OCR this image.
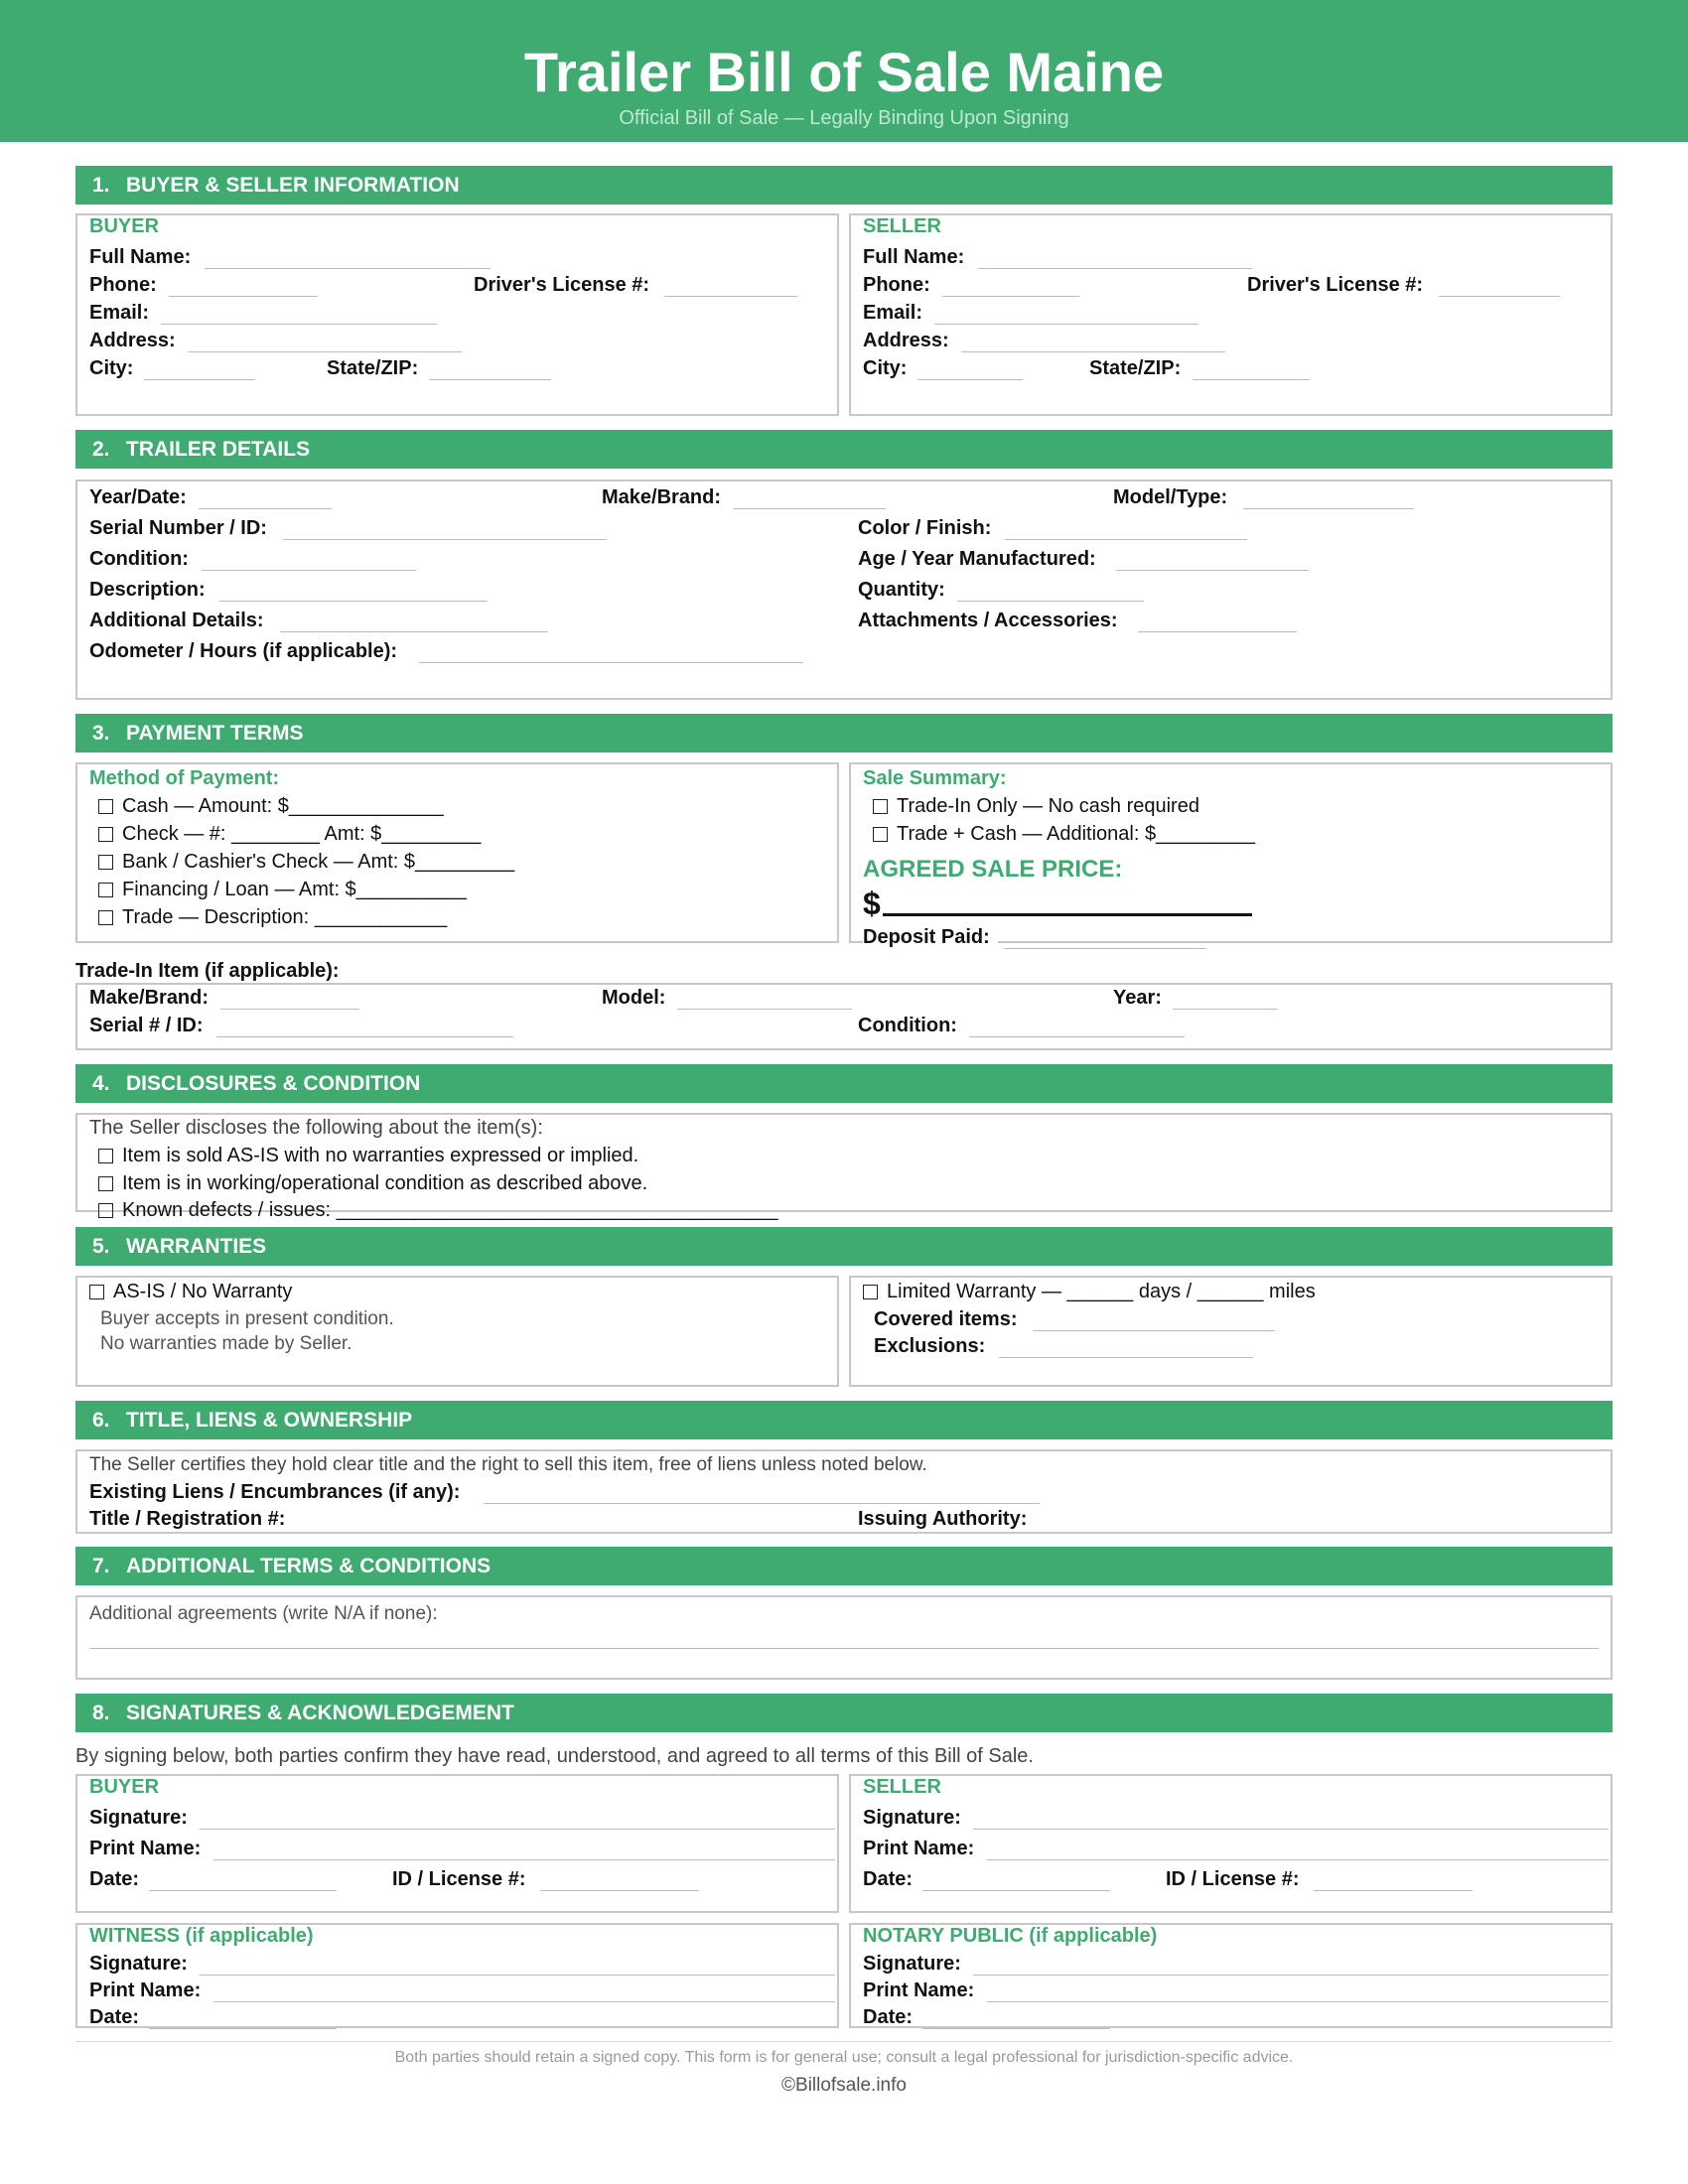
Trailer Bill of Sale Maine
Official Bill of Sale — Legally Binding Upon Signing
1. BUYER & SELLER INFORMATION
BUYER
Full Name:
Phone:	Driver's License #:
Email:
Address:
City:	State/ZIP:
SELLER
Full Name:
Phone:	Driver's License #:
Email:
Address:
City:	State/ZIP:
2. TRAILER DETAILS
Year/Date:	Make/Brand:	Model/Type:
Serial Number / ID:	Color / Finish:
Condition:	Age / Year Manufactured:
Description:	Quantity:
Additional Details:	Attachments / Accessories:
Odometer / Hours (if applicable):
3. PAYMENT TERMS
Method of Payment:
Cash — Amount: $______________
Check — #: ________ Amt: $_________
Bank / Cashier's Check — Amt: $_________
Financing / Loan — Amt: $__________
Trade — Description: ____________
Sale Summary:
Trade-In Only — No cash required
Trade + Cash — Additional: $_________
AGREED SALE PRICE:
$
Deposit Paid:
Trade-In Item (if applicable):
Make/Brand:	Model:	Year:
Serial # / ID:	Condition:
4. DISCLOSURES & CONDITION
The Seller discloses the following about the item(s):
Item is sold AS-IS with no warranties expressed or implied.
Item is in working/operational condition as described above.
Known defects / issues: ________________________________________
5. WARRANTIES
AS-IS / No Warranty
Buyer accepts in present condition.
No warranties made by Seller.
Limited Warranty — ______ days / ______ miles
Covered items:
Exclusions:
6. TITLE, LIENS & OWNERSHIP
The Seller certifies they hold clear title and the right to sell this item, free of liens unless noted below.
Existing Liens / Encumbrances (if any):
Title / Registration #:	Issuing Authority:
7. ADDITIONAL TERMS & CONDITIONS
Additional agreements (write N/A if none):
8. SIGNATURES & ACKNOWLEDGEMENT
By signing below, both parties confirm they have read, understood, and agreed to all terms of this Bill of Sale.
BUYER
Signature:
Print Name:
Date:	ID / License #:
SELLER
Signature:
Print Name:
Date:	ID / License #:
WITNESS (if applicable)
Signature:
Print Name:
Date:
NOTARY PUBLIC (if applicable)
Signature:
Print Name:
Date:
Both parties should retain a signed copy. This form is for general use; consult a legal professional for jurisdiction-specific advice.
©Billofsale.info
